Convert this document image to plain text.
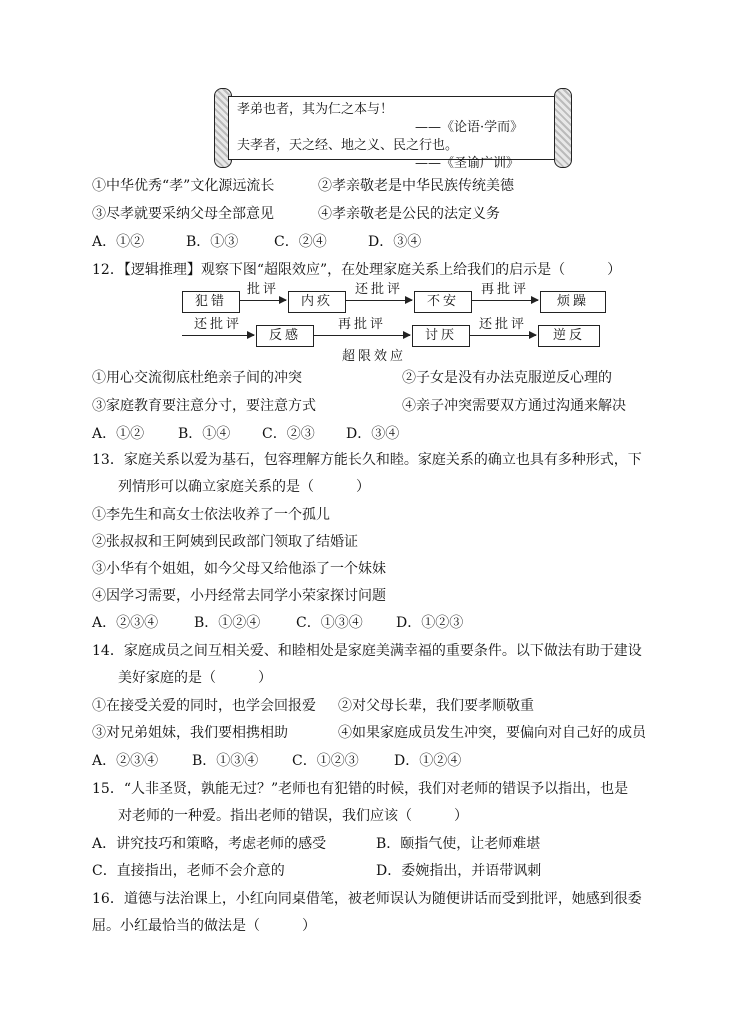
孝弟也者，其为仁之本与！
——《论语·学而》
夫孝者，天之经、地之义、民之行也。
——《圣谕广训》
①中华优秀“孝”文化源远流长	②孝亲敬老是中华民族传统美德
③尽孝就要采纳父母全部意见	④孝亲敬老是公民的法定义务
A．①②	B．①③	C．②④	D．③④
12．【逻辑推理】观察下图“超限效应”，在处理家庭关系上给我们的启示是（　　　）
犯错
批评
内疚
还批评
不安
再批评
烦躁
还批评
反感
再批评
讨厌
还批评
逆反
超限效应
①用心交流彻底杜绝亲子间的冲突	②子女是没有办法克服逆反心理的
③家庭教育要注意分寸，要注意方式	④亲子冲突需要双方通过沟通来解决
A．①② B．①④ C．②③ D．③④
13．家庭关系以爱为基石，包容理解方能长久和睦。家庭关系的确立也具有多种形式，下
列情形可以确立家庭关系的是（　　　）
①李先生和高女士依法收养了一个孤儿
②张叔叔和王阿姨到民政部门领取了结婚证
③小华有个姐姐，如今父母又给他添了一个妹妹
④因学习需要，小丹经常去同学小荣家探讨问题
A．②③④	B．①②④	C．①③④ D．①②③
14．家庭成员之间互相关爱、和睦相处是家庭美满幸福的重要条件。以下做法有助于建设
美好家庭的是（　　　）
①在接受关爱的同时，也学会回报爱 ②对父母长辈，我们要孝顺敬重
③对兄弟姐妹，我们要相携相助	④如果家庭成员发生冲突，要偏向对自己好的成员
A．②③④ B．①③④ C．①②③	D．①②④
15．“人非圣贤，孰能无过？”老师也有犯错的时候，我们对老师的错误予以指出，也是
对老师的一种爱。指出老师的错误，我们应该（　　　）
A．讲究技巧和策略，考虑老师的感受	B．颐指气使，让老师难堪
C．直接指出，老师不会介意的	D．委婉指出，并语带讽刺
16．道德与法治课上，小红向同桌借笔，被老师误认为随便讲话而受到批评，她感到很委
屈。小红最恰当的做法是（　　　）
